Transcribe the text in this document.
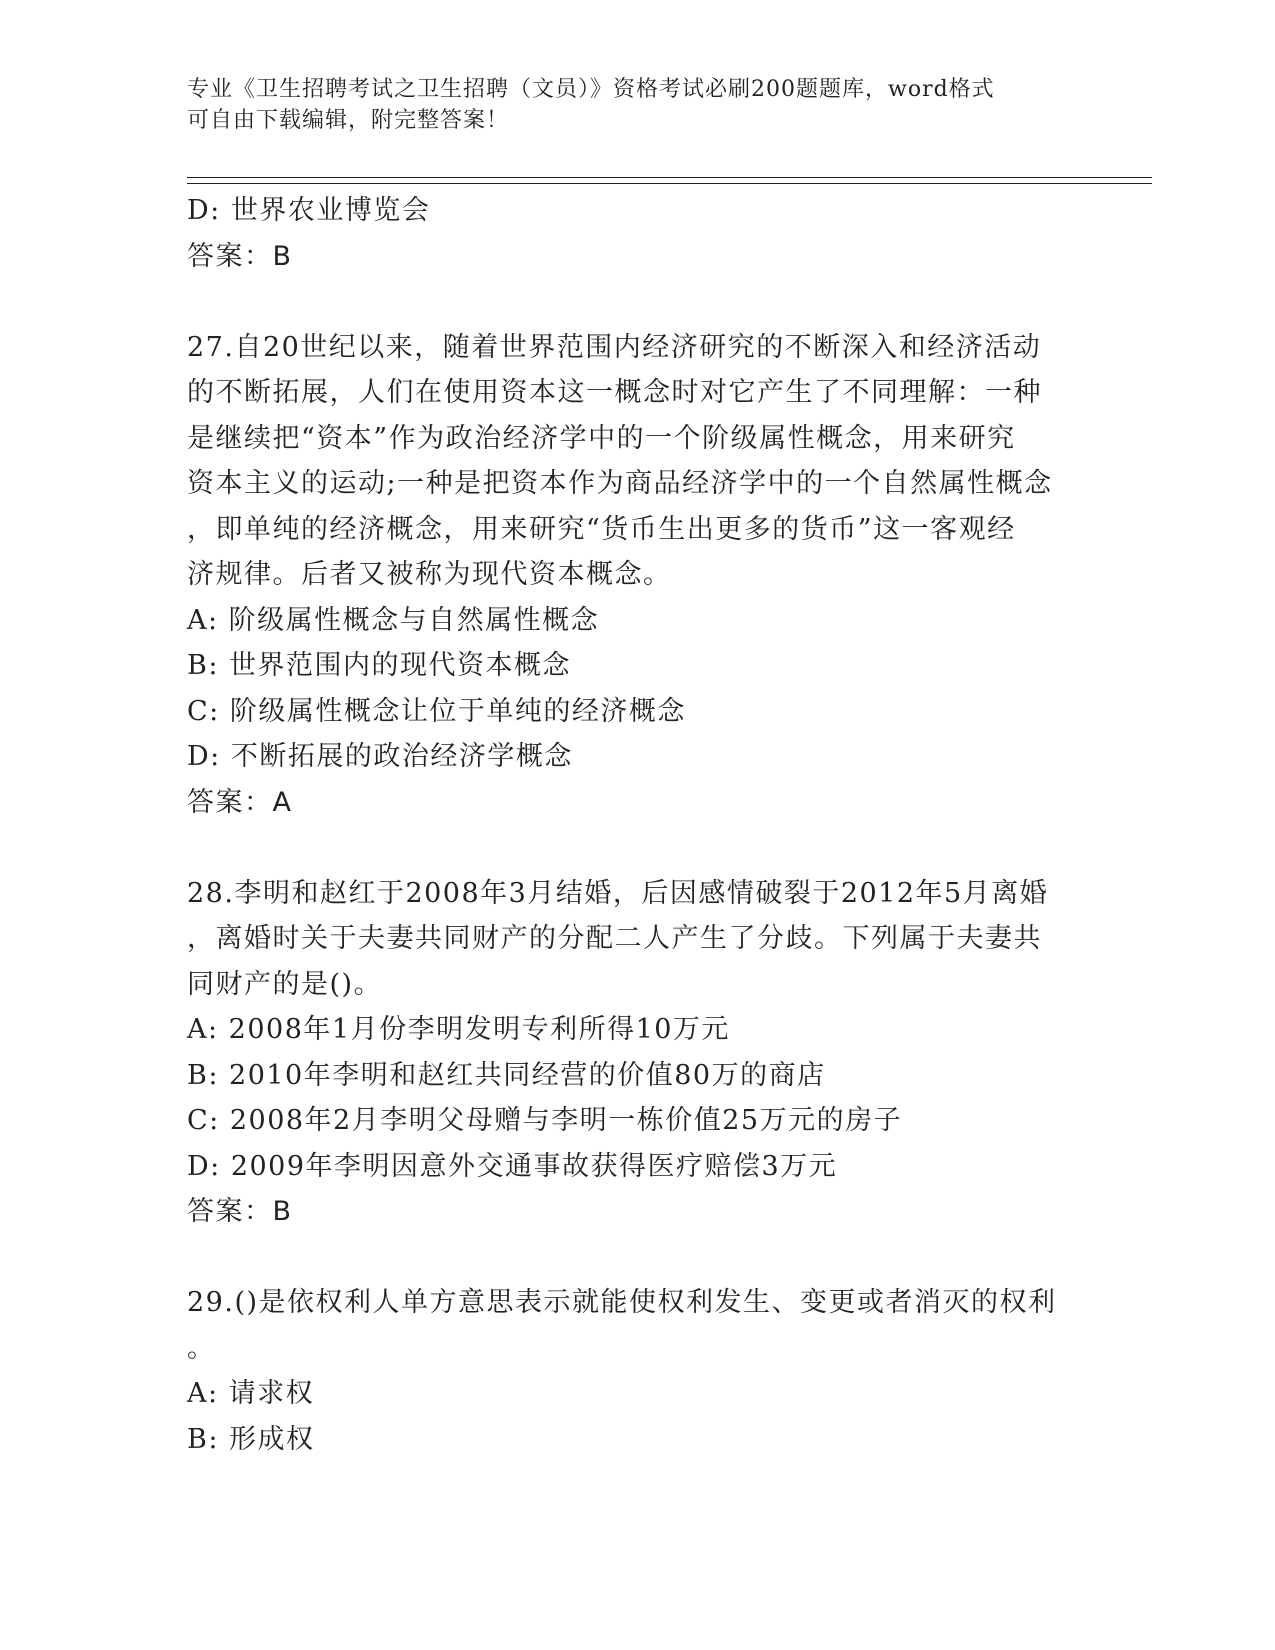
专业《卫生招聘考试之卫生招聘（文员）》资格考试必刷200题题库，word格式
可自由下载编辑，附完整答案！
D: 世界农业博览会
答案：B
27.自20世纪以来，随着世界范围内经济研究的不断深入和经济活动
的不断拓展，人们在使用资本这一概念时对它产生了不同理解：一种
是继续把“资本”作为政治经济学中的一个阶级属性概念，用来研究
资本主义的运动;一种是把资本作为商品经济学中的一个自然属性概念
，即单纯的经济概念，用来研究“货币生出更多的货币”这一客观经
济规律。后者又被称为现代资本概念。
A: 阶级属性概念与自然属性概念
B: 世界范围内的现代资本概念
C: 阶级属性概念让位于单纯的经济概念
D: 不断拓展的政治经济学概念
答案：A
28.李明和赵红于2008年3月结婚，后因感情破裂于2012年5月离婚
，离婚时关于夫妻共同财产的分配二人产生了分歧。下列属于夫妻共
同财产的是()。
A: 2008年1月份李明发明专利所得10万元
B: 2010年李明和赵红共同经营的价值80万的商店
C: 2008年2月李明父母赠与李明一栋价值25万元的房子
D: 2009年李明因意外交通事故获得医疗赔偿3万元
答案：B
29.()是依权利人单方意思表示就能使权利发生、变更或者消灭的权利
。
A: 请求权
B: 形成权
